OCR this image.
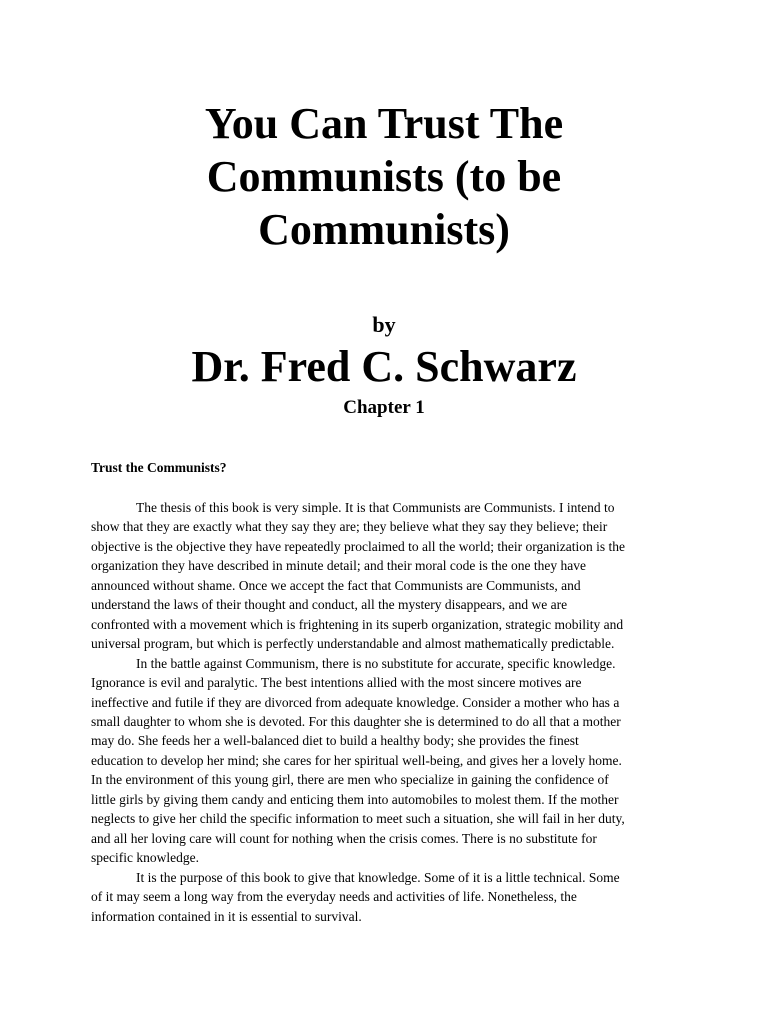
You Can Trust The
Communists (to be
Communists)
by
Dr. Fred C. Schwarz
Chapter 1
Trust the Communists?
The thesis of this book is very simple. It is that Communists are Communists. I intend to
show that they are exactly what they say they are; they believe what they say they believe; their
objective is the objective they have repeatedly proclaimed to all the world; their organization is the
organization they have described in minute detail; and their moral code is the one they have
announced without shame. Once we accept the fact that Communists are Communists, and
understand the laws of their thought and conduct, all the mystery disappears, and we are
confronted with a movement which is frightening in its superb organization, strategic mobility and
universal program, but which is perfectly understandable and almost mathematically predictable.
In the battle against Communism, there is no substitute for accurate, specific knowledge.
Ignorance is evil and paralytic. The best intentions allied with the most sincere motives are
ineffective and futile if they are divorced from adequate knowledge. Consider a mother who has a
small daughter to whom she is devoted. For this daughter she is determined to do all that a mother
may do. She feeds her a well-balanced diet to build a healthy body; she provides the finest
education to develop her mind; she cares for her spiritual well-being, and gives her a lovely home.
In the environment of this young girl, there are men who specialize in gaining the confidence of
little girls by giving them candy and enticing them into automobiles to molest them. If the mother
neglects to give her child the specific information to meet such a situation, she will fail in her duty,
and all her loving care will count for nothing when the crisis comes. There is no substitute for
specific knowledge.
It is the purpose of this book to give that knowledge. Some of it is a little technical. Some
of it may seem a long way from the everyday needs and activities of life. Nonetheless, the
information contained in it is essential to survival.
